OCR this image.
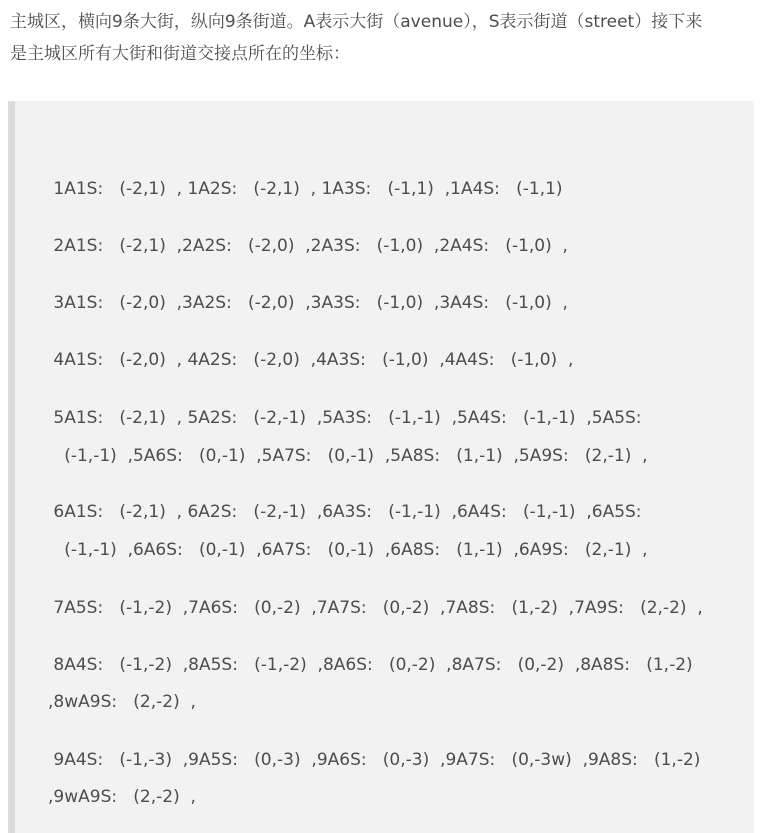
主城区，横向9条大街，纵向9条街道。A表示大街（avenue），S表示街道（street）接下来

是主城区所有大街和街道交接点所在的坐标：

1A1S:   (-2,1)  , 1A2S:   (-2,1)  , 1A3S:   (-1,1)  ,1A4S:   (-1,1)
2A1S:   (-2,1)  ,2A2S:   (-2,0)  ,2A3S:   (-1,0)  ,2A4S:   (-1,0)  ,
3A1S:   (-2,0)  ,3A2S:   (-2,0)  ,3A3S:   (-1,0)  ,3A4S:   (-1,0)  ,
4A1S:   (-2,0)  , 4A2S:   (-2,0)  ,4A3S:   (-1,0)  ,4A4S:   (-1,0)  ,
5A1S:   (-2,1)  , 5A2S:   (-2,-1)  ,5A3S:   (-1,-1)  ,5A4S:   (-1,-1)  ,5A5S:
(-1,-1)  ,5A6S:   (0,-1)  ,5A7S:   (0,-1)  ,5A8S:   (1,-1)  ,5A9S:   (2,-1)  ,
6A1S:   (-2,1)  , 6A2S:   (-2,-1)  ,6A3S:   (-1,-1)  ,6A4S:   (-1,-1)  ,6A5S:
(-1,-1)  ,6A6S:   (0,-1)  ,6A7S:   (0,-1)  ,6A8S:   (1,-1)  ,6A9S:   (2,-1)  ,
7A5S:   (-1,-2)  ,7A6S:   (0,-2)  ,7A7S:   (0,-2)  ,7A8S:   (1,-2)  ,7A9S:   (2,-2)  ,
8A4S:   (-1,-2)  ,8A5S:   (-1,-2)  ,8A6S:   (0,-2)  ,8A7S:   (0,-2)  ,8A8S:   (1,-2)
,8wA9S:   (2,-2)  ,
9A4S:   (-1,-3)  ,9A5S:   (0,-3)  ,9A6S:   (0,-3)  ,9A7S:   (0,-3w)  ,9A8S:   (1,-2)
,9wA9S:   (2,-2)  ,
